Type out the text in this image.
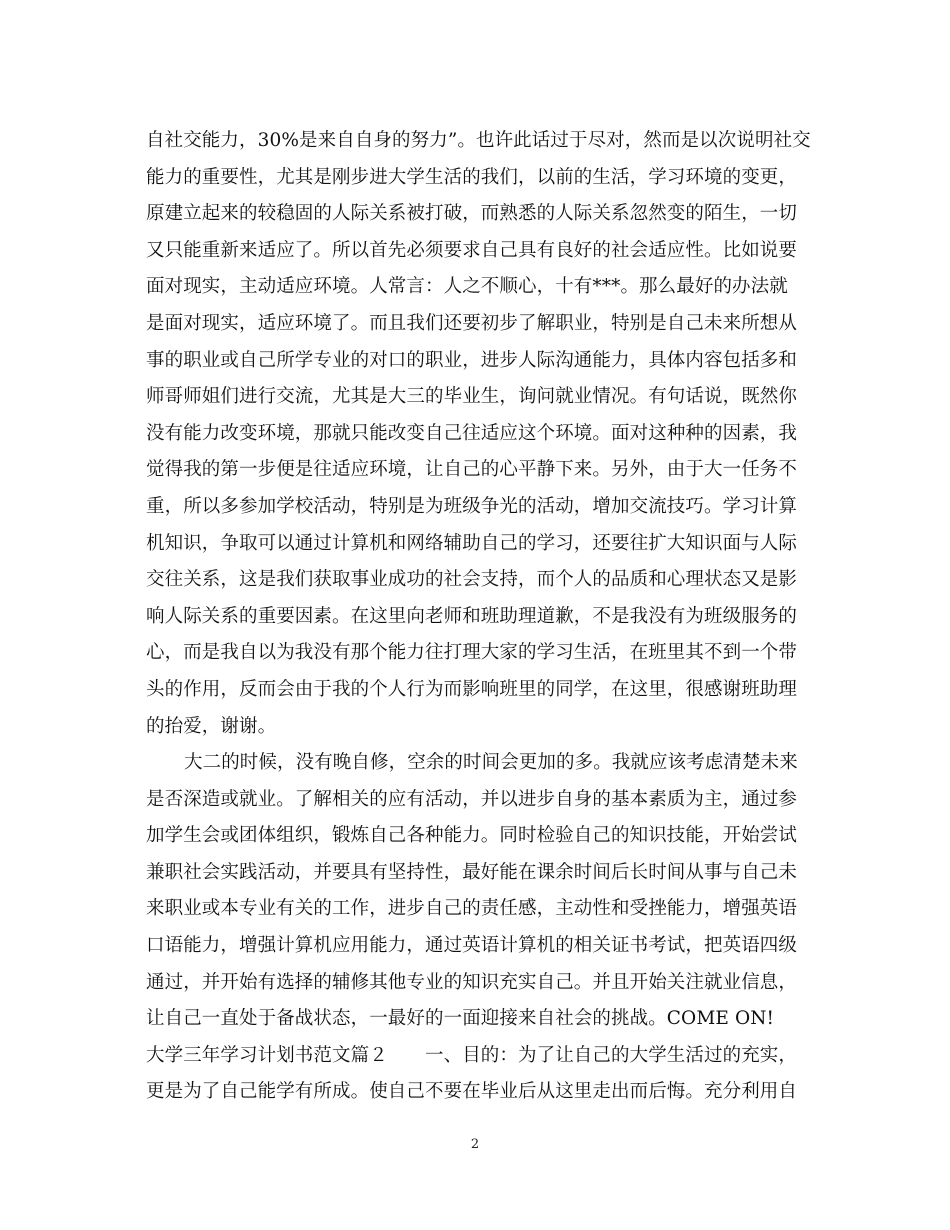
自社交能力，30%是来自自身的努力”。也许此话过于尽对，然而是以次说明社交
能力的重要性，尤其是刚步进大学生活的我们，以前的生活，学习环境的变更，
原建立起来的较稳固的人际关系被打破，而熟悉的人际关系忽然变的陌生，一切
又只能重新来适应了。所以首先必须要求自己具有良好的社会适应性。比如说要
面对现实，主动适应环境。人常言：人之不顺心，十有***。那么最好的办法就
是面对现实，适应环境了。而且我们还要初步了解职业，特别是自己未来所想从
事的职业或自己所学专业的对口的职业，进步人际沟通能力，具体内容包括多和
师哥师姐们进行交流，尤其是大三的毕业生，询问就业情况。有句话说，既然你
没有能力改变环境，那就只能改变自己往适应这个环境。面对这种种的因素，我
觉得我的第一步便是往适应环境，让自己的心平静下来。另外，由于大一任务不
重，所以多参加学校活动，特别是为班级争光的活动，增加交流技巧。学习计算
机知识，争取可以通过计算机和网络辅助自己的学习，还要往扩大知识面与人际
交往关系，这是我们获取事业成功的社会支持，而个人的品质和心理状态又是影
响人际关系的重要因素。在这里向老师和班助理道歉，不是我没有为班级服务的
心，而是我自以为我没有那个能力往打理大家的学习生活，在班里其不到一个带
头的作用，反而会由于我的个人行为而影响班里的同学，在这里，很感谢班助理
的抬爱，谢谢。
大二的时候，没有晚自修，空余的时间会更加的多。我就应该考虑清楚未来
是否深造或就业。了解相关的应有活动，并以进步自身的基本素质为主，通过参
加学生会或团体组织，锻炼自己各种能力。同时检验自己的知识技能，开始尝试
兼职社会实践活动，并要具有坚持性，最好能在课余时间后长时间从事与自己未
来职业或本专业有关的工作，进步自己的责任感，主动性和受挫能力，增强英语
口语能力，增强计算机应用能力，通过英语计算机的相关证书考试，把英语四级
通过，并开始有选择的辅修其他专业的知识充实自己。并且开始关注就业信息，
让自己一直处于备战状态，一最好的一面迎接来自社会的挑战。COME ON!
大学三年学习计划书范文篇２　　一、目的：为了让自己的大学生活过的充实，
更是为了自己能学有所成。使自己不要在毕业后从这里走出而后悔。充分利用自
2
